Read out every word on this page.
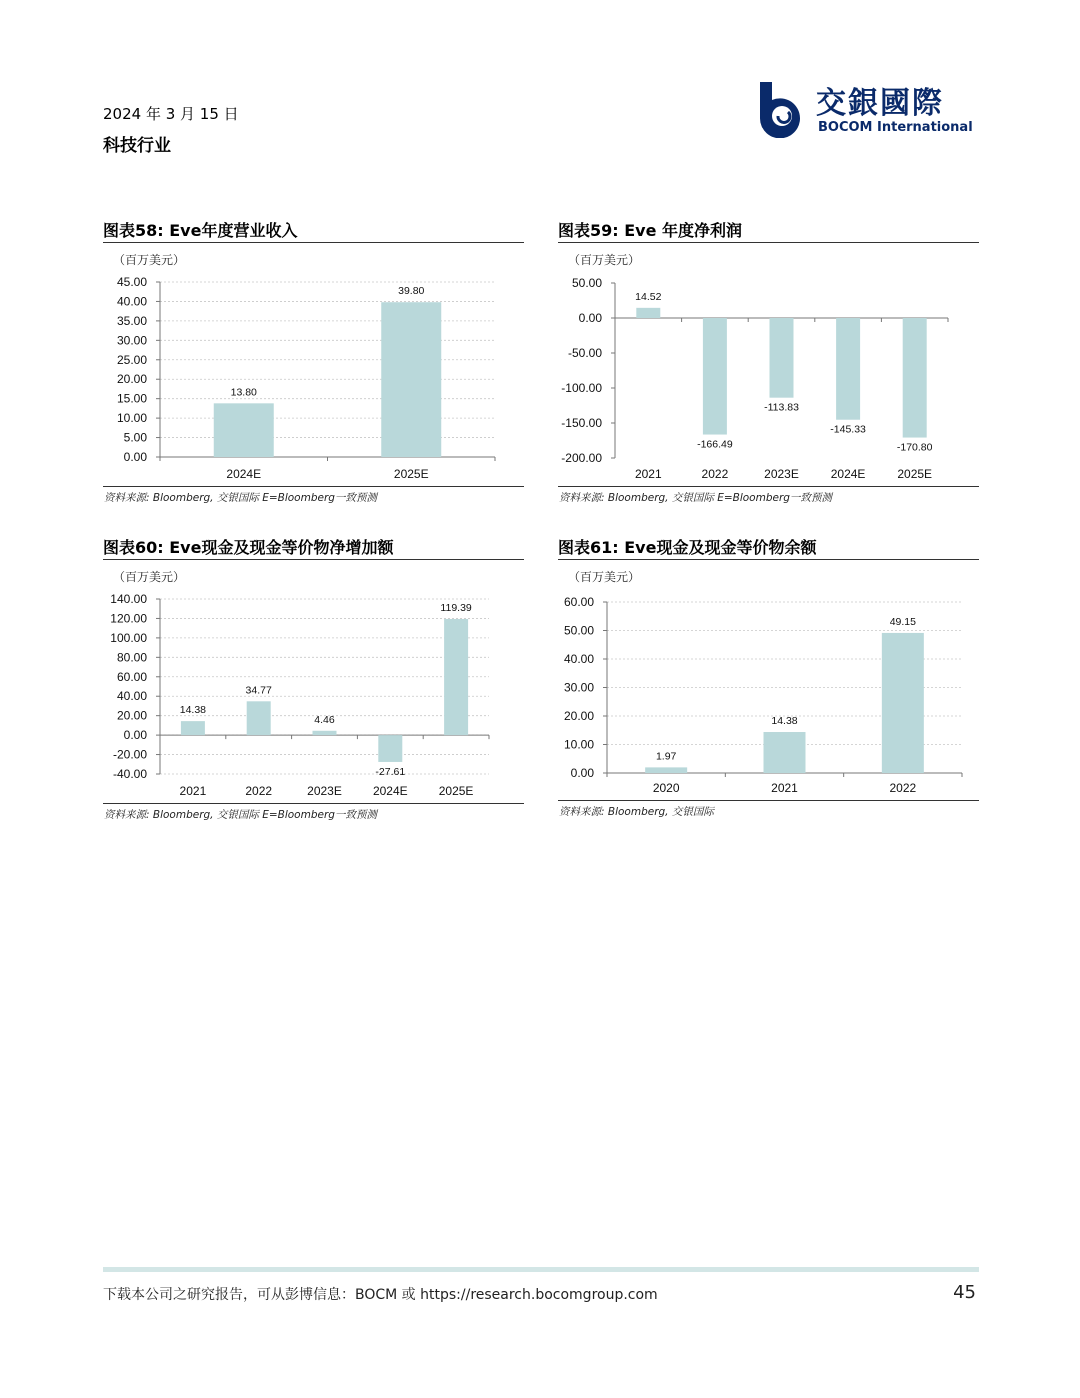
2024 年 3 月 15 日
科技行业
交銀國際
BOCOM International
图表58: Eve年度营业收入
（百万美元）
45.00
40.00
35.00
30.00
25.00
20.00
15.00
10.00
5.00
0.00
13.80
2024E
39.80
2025E
资料来源: Bloomberg, 交银国际 E=Bloomberg一致预测
图表59: Eve 年度净利润
（百万美元）
50.00
0.00
-50.00
-100.00
-150.00
-200.00
14.52
2021
-166.49
2022
-113.83
2023E
-145.33
2024E
-170.80
2025E
资料来源: Bloomberg, 交银国际 E=Bloomberg一致预测
图表60: Eve现金及现金等价物净增加额
（百万美元）
140.00
120.00
100.00
80.00
60.00
40.00
20.00
0.00
-20.00
-40.00
14.38
2021
34.77
2022
4.46
2023E
-27.61
2024E
119.39
2025E
资料来源: Bloomberg, 交银国际 E=Bloomberg一致预测
图表61: Eve现金及现金等价物余额
（百万美元）
60.00
50.00
40.00
30.00
20.00
10.00
0.00
1.97
2020
14.38
2021
49.15
2022
资料来源: Bloomberg, 交银国际
下载本公司之研究报告，可从彭博信息：BOCM 或 https://research.bocomgroup.com	45
